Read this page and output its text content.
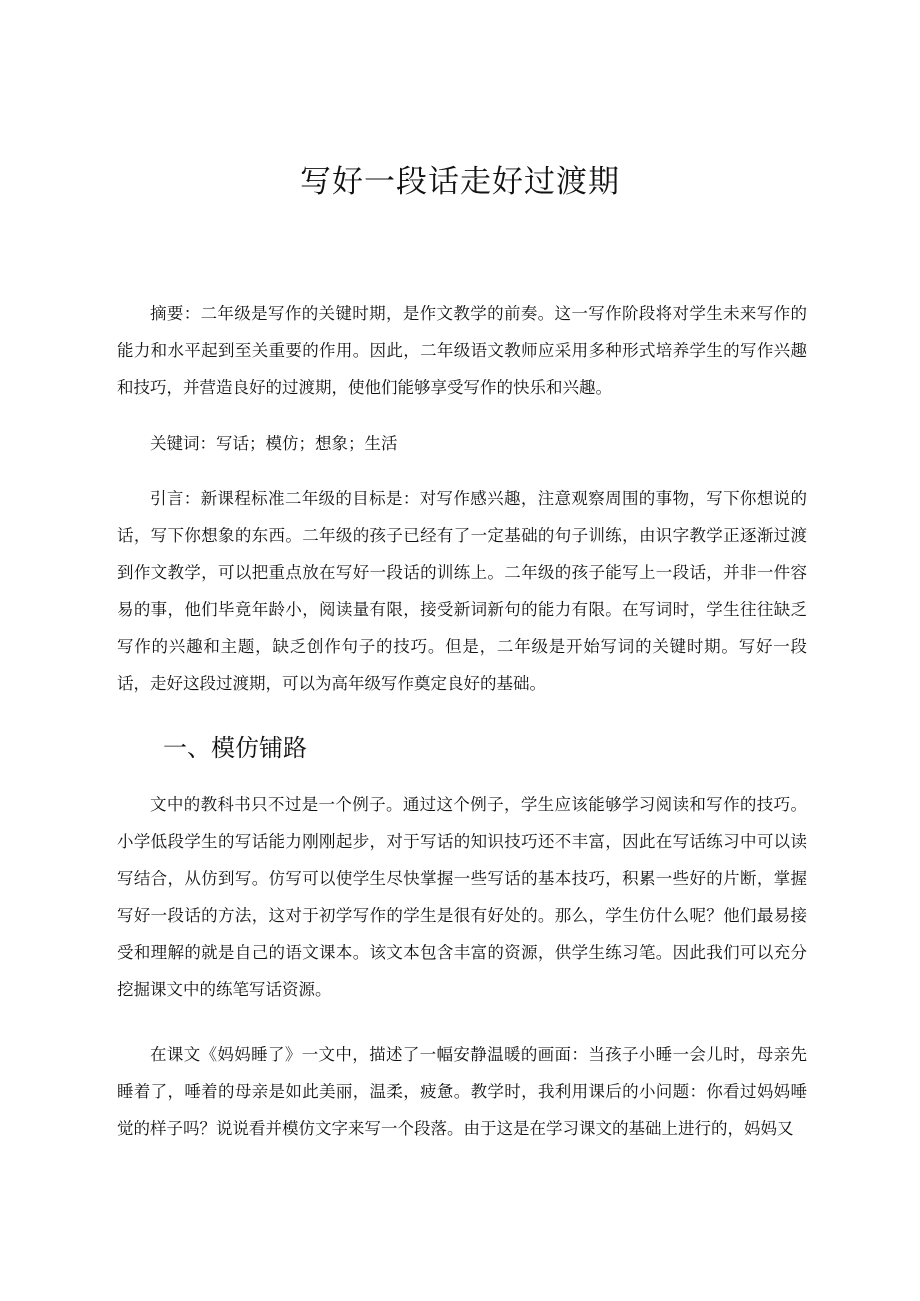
写好一段话走好过渡期

摘要：二年级是写作的关键时期，是作文教学的前奏。这一写作阶段将对学生未来写作的能力和水平起到至关重要的作用。因此，二年级语文教师应采用多种形式培养学生的写作兴趣和技巧，并营造良好的过渡期，使他们能够享受写作的快乐和兴趣。

关键词：写话；模仿；想象；生活

引言：新课程标准二年级的目标是：对写作感兴趣，注意观察周围的事物，写下你想说的话，写下你想象的东西。二年级的孩子已经有了一定基础的句子训练，由识字教学正逐渐过渡到作文教学，可以把重点放在写好一段话的训练上。二年级的孩子能写上一段话，并非一件容易的事，他们毕竟年龄小，阅读量有限，接受新词新句的能力有限。在写词时，学生往往缺乏写作的兴趣和主题，缺乏创作句子的技巧。但是，二年级是开始写词的关键时期。写好一段话，走好这段过渡期，可以为高年级写作奠定良好的基础。

一、模仿铺路

文中的教科书只不过是一个例子。通过这个例子，学生应该能够学习阅读和写作的技巧。小学低段学生的写话能力刚刚起步，对于写话的知识技巧还不丰富，因此在写话练习中可以读写结合，从仿到写。仿写可以使学生尽快掌握一些写话的基本技巧，积累一些好的片断，掌握写好一段话的方法，这对于初学写作的学生是很有好处的。那么，学生仿什么呢？他们最易接受和理解的就是自己的语文课本。该文本包含丰富的资源，供学生练习笔。因此我们可以充分挖掘课文中的练笔写话资源。

在课文《妈妈睡了》一文中，描述了一幅安静温暖的画面：当孩子小睡一会儿时，母亲先睡着了，唾着的母亲是如此美丽，温柔，疲惫。教学时，我利用课后的小问题：你看过妈妈唾觉的样子吗？说说看并模仿文字来写一个段落。由于这是在学习课文的基础上进行的，妈妈又
